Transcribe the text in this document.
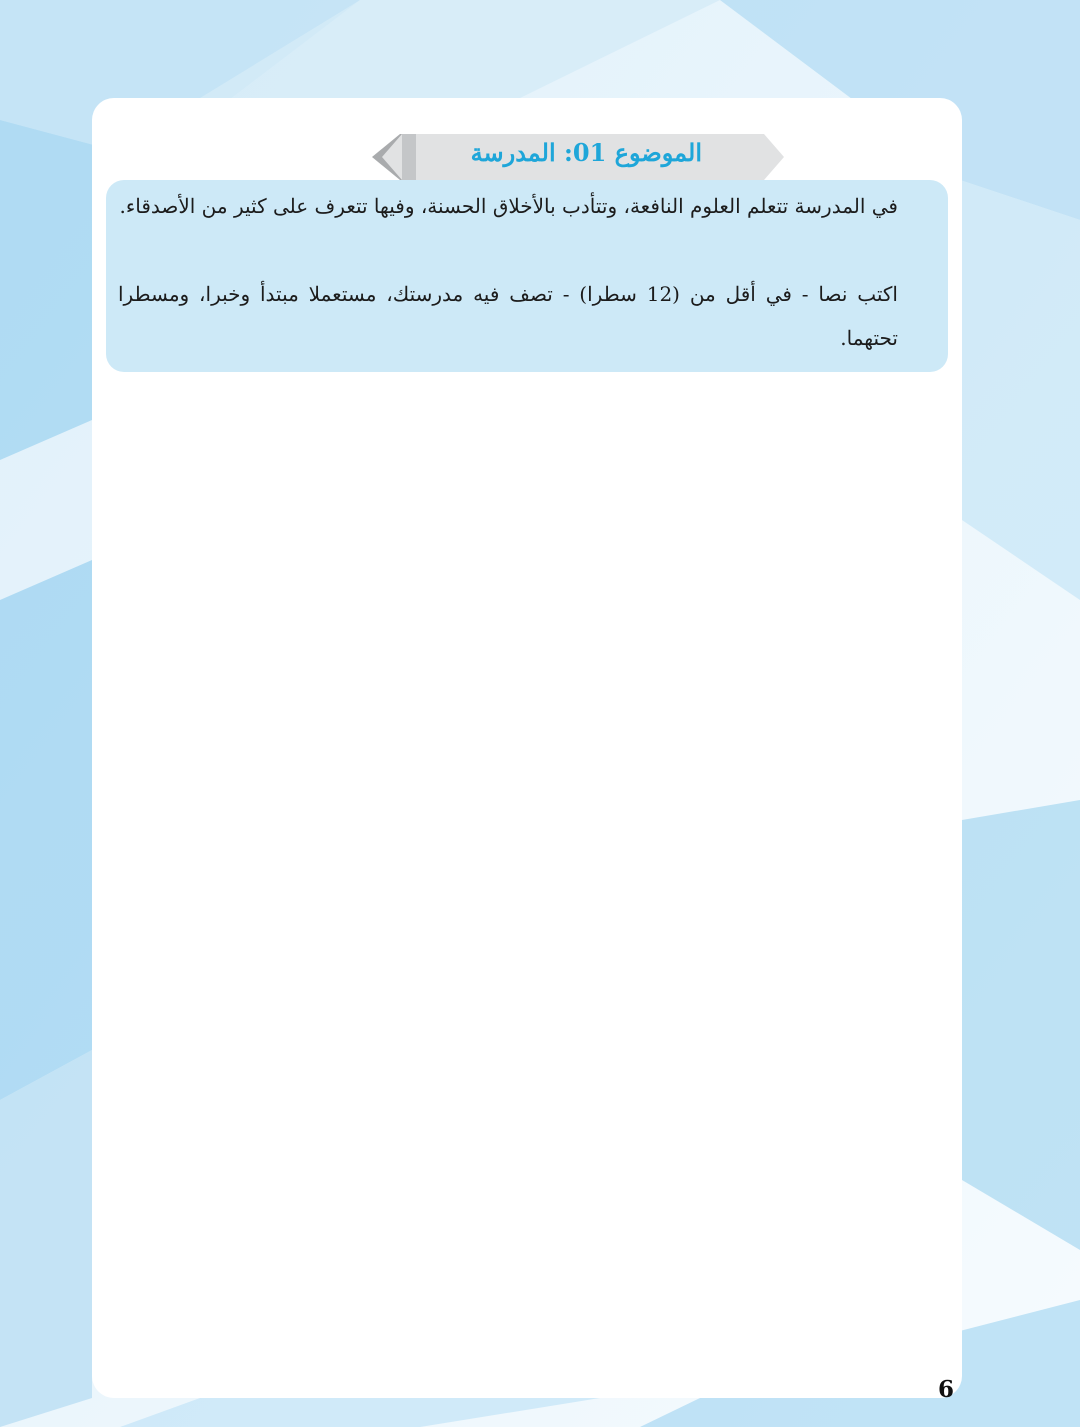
الموضوع 01: المدرسة

في المدرسة تتعلم العلوم النافعة، وتتأدب بالأخلاق الحسنة، وفيها تتعرف على كثير من الأصدقاء.

اكتب نصا - في أقل من (12 سطرا) - تصف فيه مدرستك، مستعملا مبتدأ وخبرا، ومسطرا تحتهما.

6
